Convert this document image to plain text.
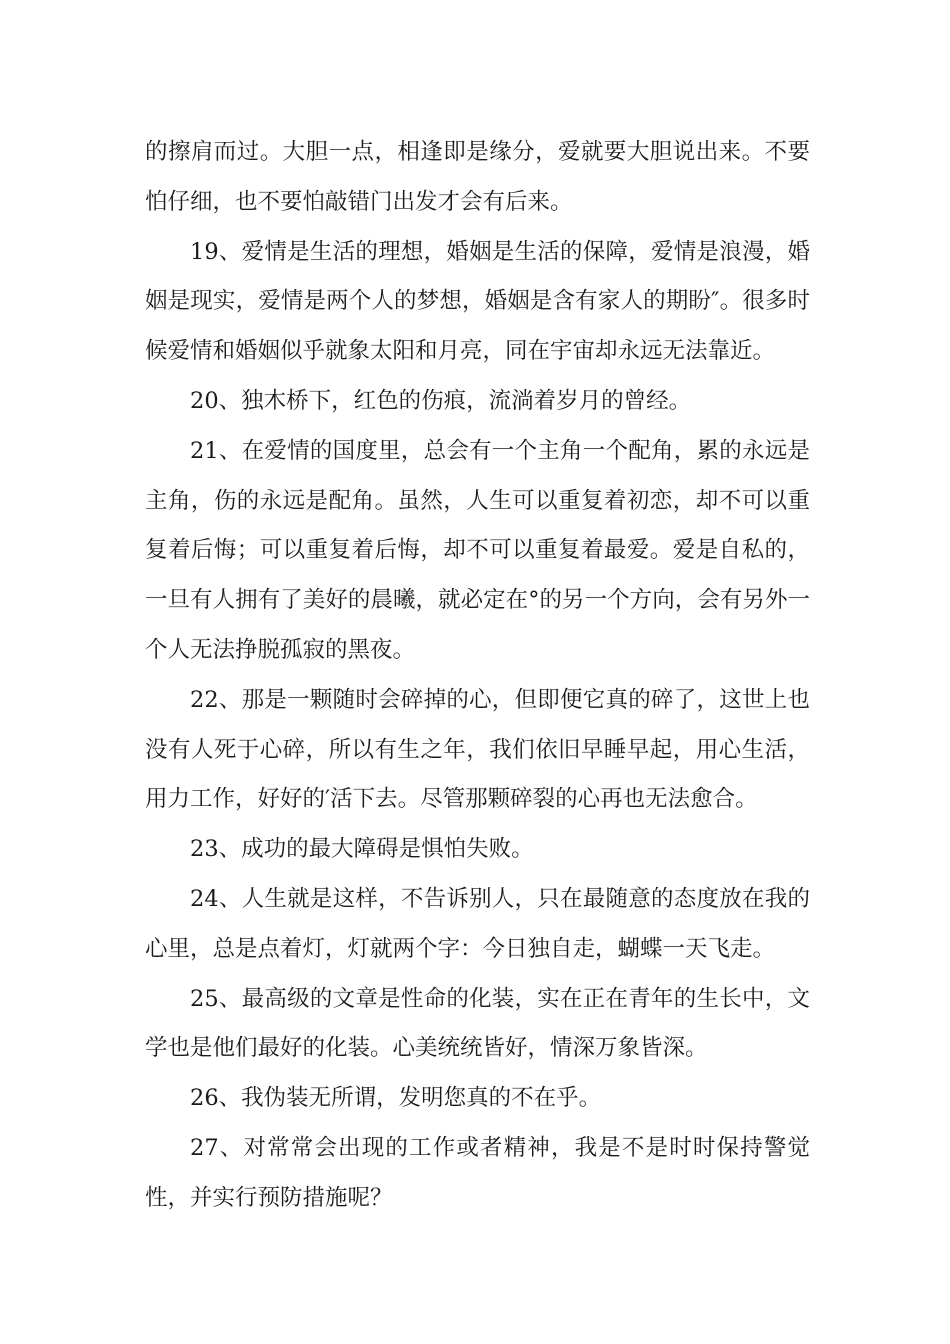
的擦肩而过。大胆一点，相逢即是缘分，爱就要大胆说出来。不要怕仔细，也不要怕敲错门出发才会有后来。

19、爱情是生活的理想，婚姻是生活的保障，爱情是浪漫，婚姻是现实，爱情是两个人的梦想，婚姻是含有家人的期盼″。很多时候爱情和婚姻似乎就象太阳和月亮，同在宇宙却永远无法靠近。

20、独木桥下，红色的伤痕，流淌着岁月的曾经。

21、在爱情的国度里，总会有一个主角一个配角，累的永远是主角，伤的永远是配角。虽然，人生可以重复着初恋，却不可以重复着后悔；可以重复着后悔，却不可以重复着最爱。爱是自私的，一旦有人拥有了美好的晨曦，就必定在°的另一个方向，会有另外一个人无法挣脱孤寂的黑夜。

22、那是一颗随时会碎掉的心，但即便它真的碎了，这世上也没有人死于心碎，所以有生之年，我们依旧早睡早起，用心生活，用力工作，好好的′活下去。尽管那颗碎裂的心再也无法愈合。

23、成功的最大障碍是惧怕失败。

24、人生就是这样，不告诉别人，只在最随意的态度放在我的心里，总是点着灯，灯就两个字：今日独自走，蝴蝶一天飞走。

25、最高级的文章是性命的化装，实在正在青年的生长中，文学也是他们最好的化装。心美统统皆好，情深万象皆深。

26、我伪装无所谓，发明您真的不在乎。

27、对常常会出现的工作或者精神，我是不是时时保持警觉性，并实行预防措施呢？
